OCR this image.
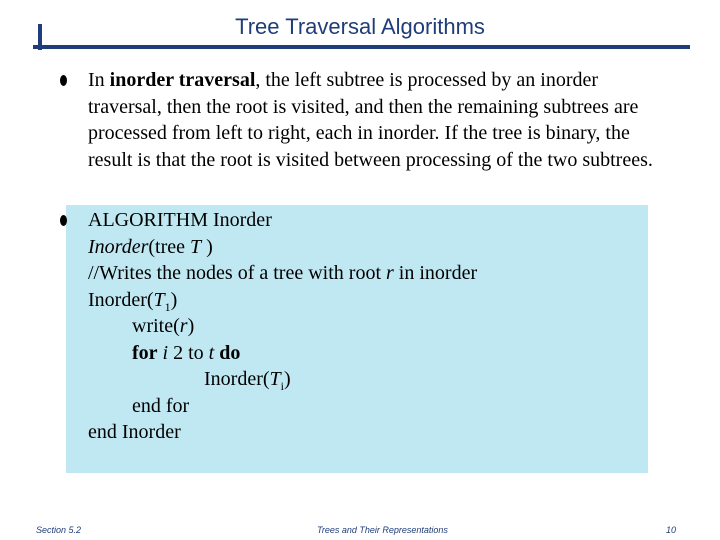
Tree Traversal Algorithms

In inorder traversal, the left subtree is processed by an inorder traversal, then the root is visited, and then the remaining subtrees are processed from left to right, each in inorder. If the tree is binary, the result is that the root is visited between processing of the two subtrees.

ALGORITHM Inorder
Inorder(tree T )
//Writes the nodes of a tree with root r in inorder
$Inorder(T_1)$
write(r)
for i 2 to t do
$Inorder(T_i)$
end for
end Inorder
Section 5.2	Trees and Their Representations	10
